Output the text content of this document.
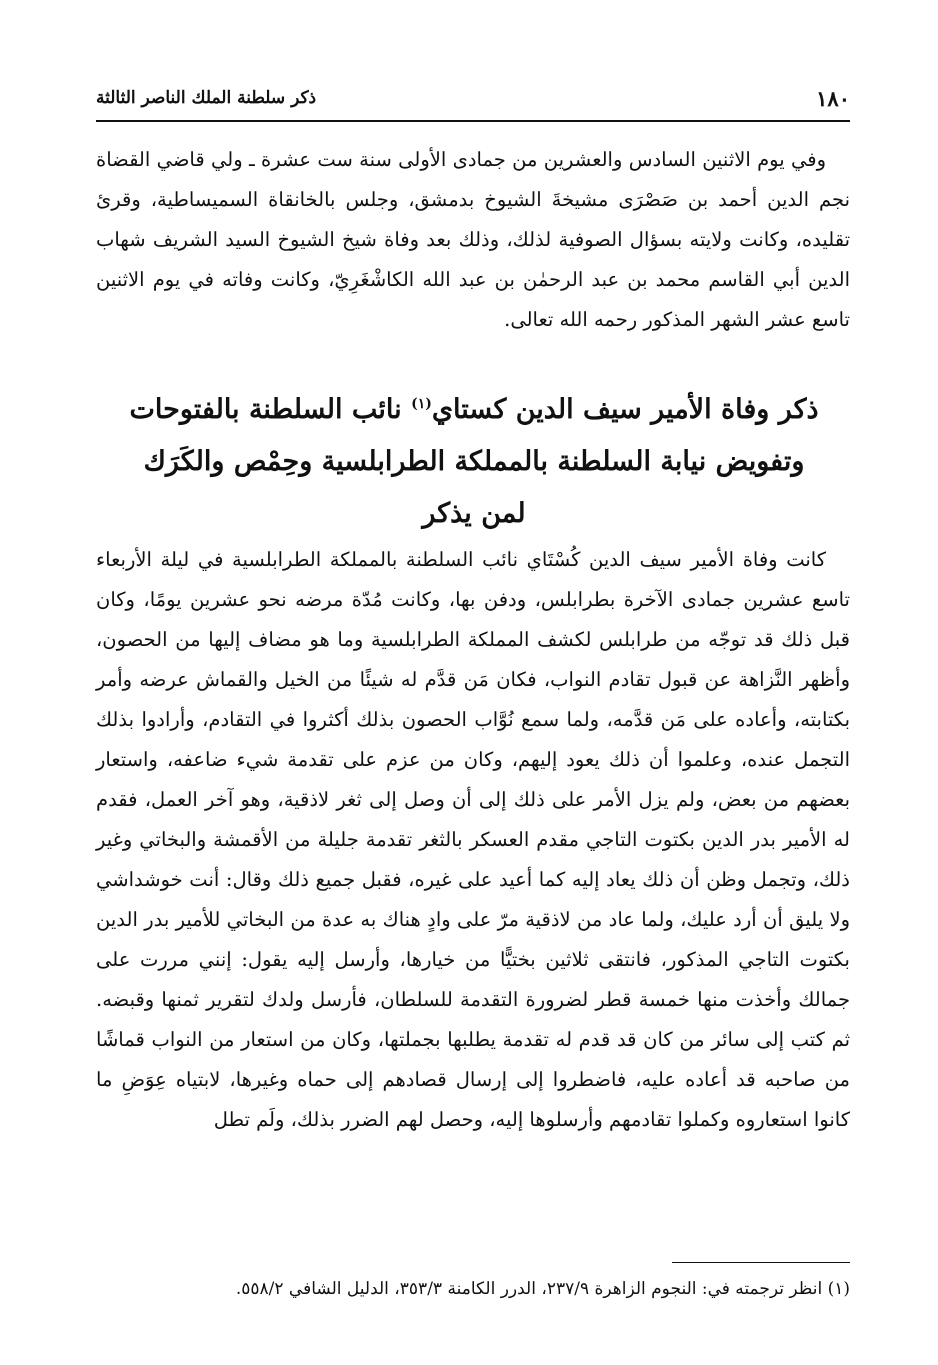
١٨٠
ذكر سلطنة الملك الناصر الثالثة

وفي يوم الاثنين السادس والعشرين من جمادى الأولى سنة ست عشرة ـ ولي قاضي القضاة نجم الدين أحمد بن صَصْرَى مشيخةَ الشيوخ بدمشق، وجلس بالخانقاة السميساطية، وقرئ تقليده، وكانت ولايته بسؤال الصوفية لذلك، وذلك بعد وفاة شيخ الشيوخ السيد الشريف شهاب الدين أبي القاسم محمد بن عبد الرحمٰن بن عبد الله الكاشْغَرِيّ، وكانت وفاته في يوم الاثنين تاسع عشر الشهر المذكور رحمه الله تعالى.

ذكر وفاة الأمير سيف الدين كستاي$^{(١)}$ نائب السلطنة بالفتوحات وتفويض نيابة السلطنة بالمملكة الطرابلسية وحِمْص والكَرَك لمن يذكر

كانت وفاة الأمير سيف الدين كُسْتَاي نائب السلطنة بالمملكة الطرابلسية في ليلة الأربعاء تاسع عشرين جمادى الآخرة بطرابلس، ودفن بها، وكانت مُدّة مرضه نحو عشرين يومًا، وكان قبل ذلك قد توجّه من طرابلس لكشف المملكة الطرابلسية وما هو مضاف إليها من الحصون، وأظهر النَّزاهة عن قبول تقادم النواب، فكان مَن قدَّم له شيئًا من الخيل والقماش عرضه وأمر بكتابته، وأعاده على مَن قدَّمه، ولما سمع نُوَّاب الحصون بذلك أكثروا في التقادم، وأرادوا بذلك التجمل عنده، وعلموا أن ذلك يعود إليهم، وكان من عزم على تقدمة شيء ضاعفه، واستعار بعضهم من بعض، ولم يزل الأمر على ذلك إلى أن وصل إلى ثغر لاذقية، وهو آخر العمل، فقدم له الأمير بدر الدين بكتوت التاجي مقدم العسكر بالثغر تقدمة جليلة من الأقمشة والبخاتي وغير ذلك، وتجمل وظن أن ذلك يعاد إليه كما أعيد على غيره، فقبل جميع ذلك وقال: أنت خوشداشي ولا يليق أن أرد عليك، ولما عاد من لاذقية مرّ على وادٍ هناك به عدة من البخاتي للأمير بدر الدين بكتوت التاجي المذكور، فانتقى ثلاثين بختيًّا من خيارها، وأرسل إليه يقول: إنني مررت على جمالك وأخذت منها خمسة قطر لضرورة التقدمة للسلطان، فأرسل ولدك لتقرير ثمنها وقبضه. ثم كتب إلى سائر من كان قد قدم له تقدمة يطلبها بجملتها، وكان من استعار من النواب قماشًا من صاحبه قد أعاده عليه، فاضطروا إلى إرسال قصادهم إلى حماه وغيرها، لابتياه عِوَضِ ما كانوا استعاروه وكملوا تقادمهم وأرسلوها إليه، وحصل لهم الضرر بذلك، ولَم تطل

(١) انظر ترجمته في: النجوم الزاهرة ٢٣٧/٩، الدرر الكامنة ٣٥٣/٣، الدليل الشافي ٥٥٨/٢.
